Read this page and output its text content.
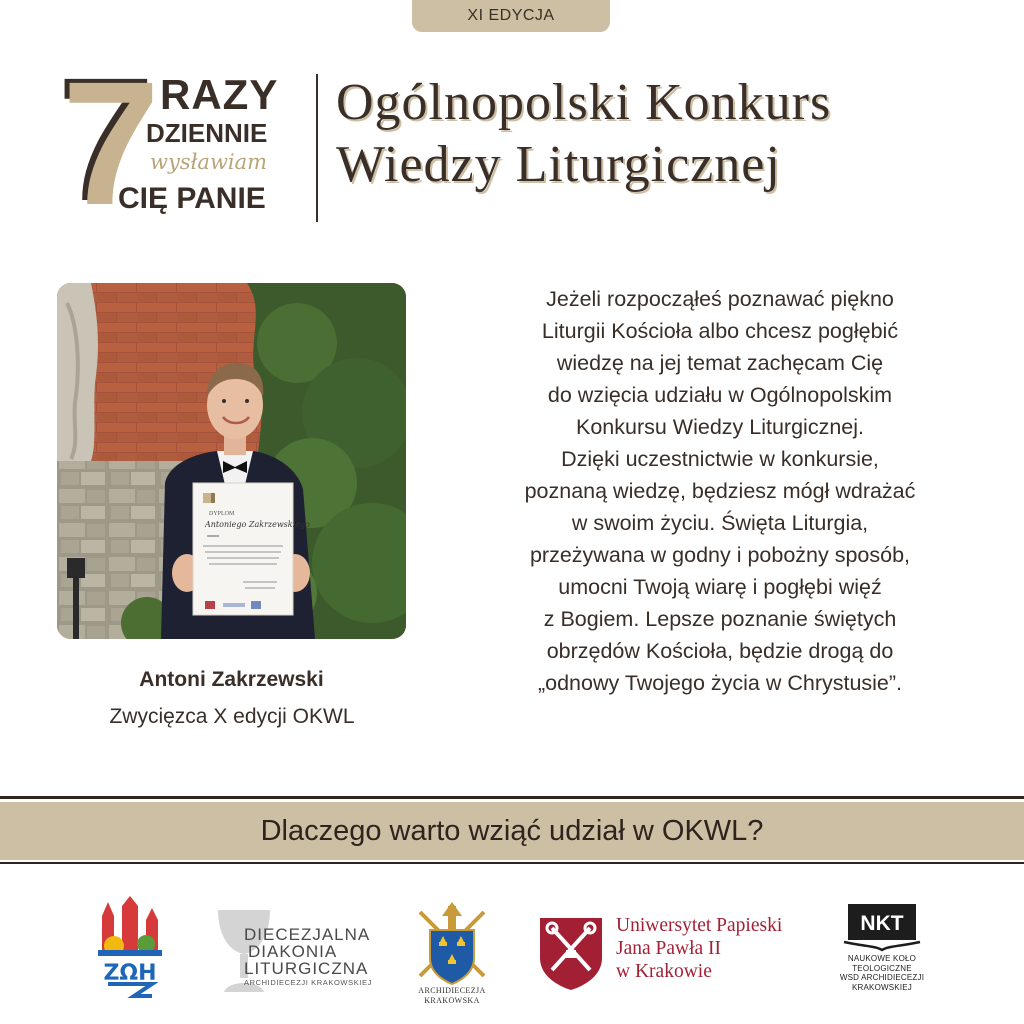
XI EDYCJA
7 RAZY
DZIENNIE
wysławiam
CIĘ PANIE
Ogólnopolski Konkurs
Wiedzy Liturgicznej
DYPLOM
Antoniego Zakrzewskiego
Antoni Zakrzewski
Zwycięzca X edycji OKWL
Jeżeli rozpocząłeś poznawać piękno
Liturgii Kościoła albo chcesz pogłębić
wiedzę na jej temat zachęcam Cię
do wzięcia udziału w Ogólnopolskim
Konkursu Wiedzy Liturgicznej.
Dzięki uczestnictwie w konkursie,
poznaną wiedzę, będziesz mógł wdrażać
w swoim życiu. Święta Liturgia,
przeżywana w godny i pobożny sposób,
umocni Twoją wiarę i pogłębi więź
z Bogiem. Lepsze poznanie świętych
obrzędów Kościoła, będzie drogą do
„odnowy Twojego życia w Chrystusie”.
Dlaczego warto wziąć udział w OKWL?
ΖΩΗ
DIECEZJALNA
DIAKONIA
LITURGICZNA
ARCHIDIECEZJI KRAKOWSKIEJ
ARCHIDIECEZJA
KRAKOWSKA
Uniwersytet Papieski
Jana Pawła II
w Krakowie
NKT
NAUKOWE KOŁO
TEOLOGICZNE
WSD ARCHIDIECEZJI
KRAKOWSKIEJ
